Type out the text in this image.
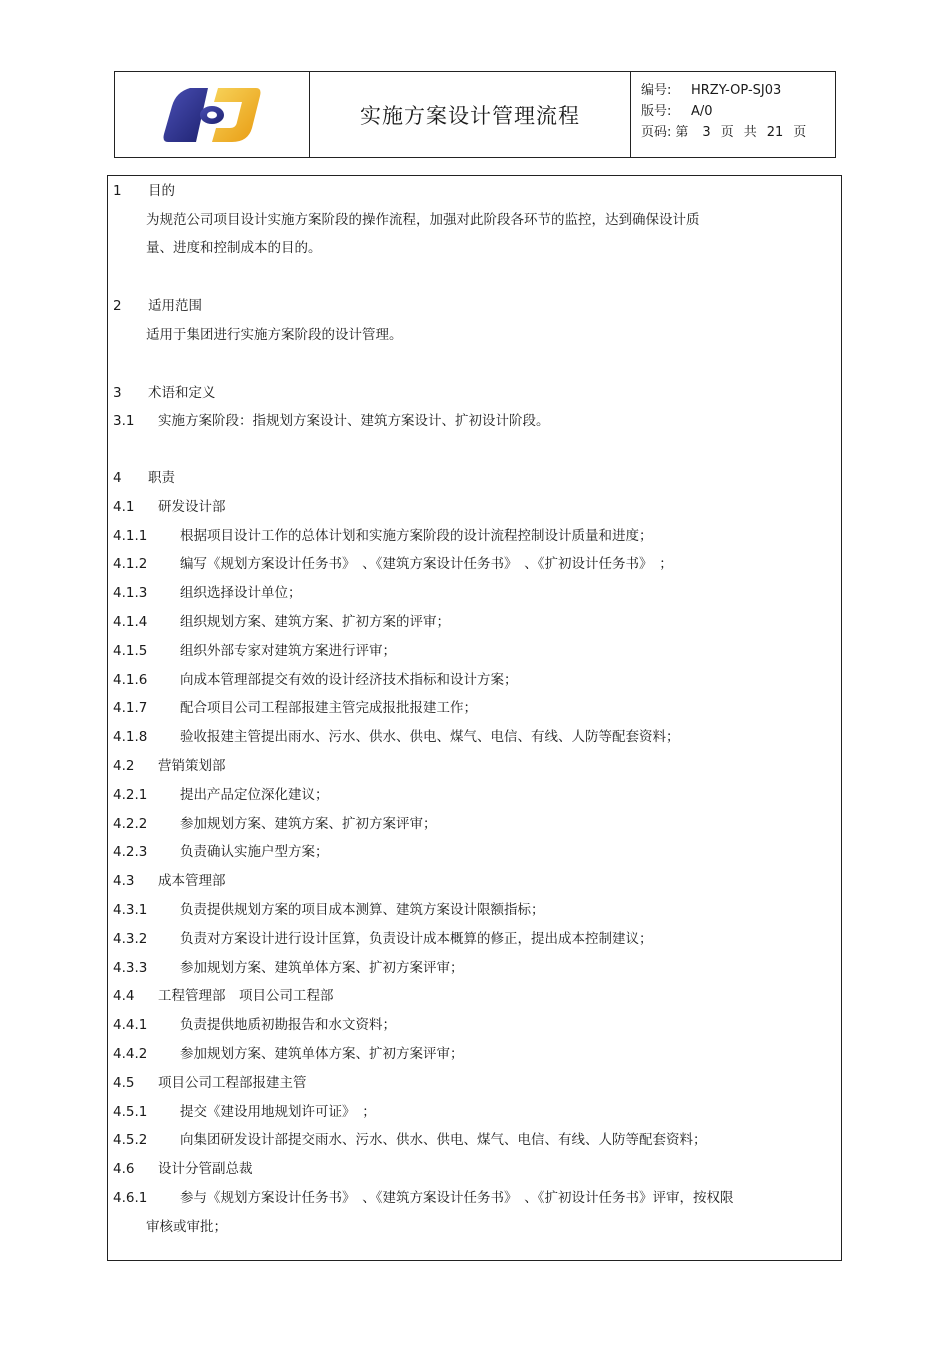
实施方案设计管理流程
编号:	HRZY-OP-SJ03
版号:	A/0
页码: 第 3 页 共 21 页
1 目的
为规范公司项目设计实施方案阶段的操作流程，加强对此阶段各环节的监控，达到确保设计质
量、进度和控制成本的目的。
2 适用范围
适用于集团进行实施方案阶段的设计管理。
3 术语和定义
3.1 实施方案阶段：指规划方案设计、建筑方案设计、扩初设计阶段。
4 职责
4.1 研发设计部
4.1.1 根据项目设计工作的总体计划和实施方案阶段的设计流程控制设计质量和进度；
4.1.2 编写《规划方案设计任务书》　、《建筑方案设计任务书》　、《扩初设计任务书》　；
4.1.3 组织选择设计单位；
4.1.4 组织规划方案、建筑方案、扩初方案的评审；
4.1.5 组织外部专家对建筑方案进行评审；
4.1.6 向成本管理部提交有效的设计经济技术指标和设计方案；
4.1.7 配合项目公司工程部报建主管完成报批报建工作；
4.1.8 验收报建主管提出雨水、污水、供水、供电、煤气、电信、有线、人防等配套资料；
4.2 营销策划部
4.2.1 提出产品定位深化建议；
4.2.2 参加规划方案、建筑方案、扩初方案评审；
4.2.3 负责确认实施户型方案；
4.3 成本管理部
4.3.1 负责提供规划方案的项目成本测算、建筑方案设计限额指标；
4.3.2 负责对方案设计进行设计匡算，负责设计成本概算的修正，提出成本控制建议；
4.3.3 参加规划方案、建筑单体方案、扩初方案评审；
4.4 工程管理部　项目公司工程部
4.4.1 负责提供地质初勘报告和水文资料；
4.4.2 参加规划方案、建筑单体方案、扩初方案评审；
4.5 项目公司工程部报建主管
4.5.1 提交《建设用地规划许可证》　；
4.5.2 向集团研发设计部提交雨水、污水、供水、供电、煤气、电信、有线、人防等配套资料；
4.6 设计分管副总裁
4.6.1 参与《规划方案设计任务书》　、《建筑方案设计任务书》　、《扩初设计任务书》评审，按权限
审核或审批；
